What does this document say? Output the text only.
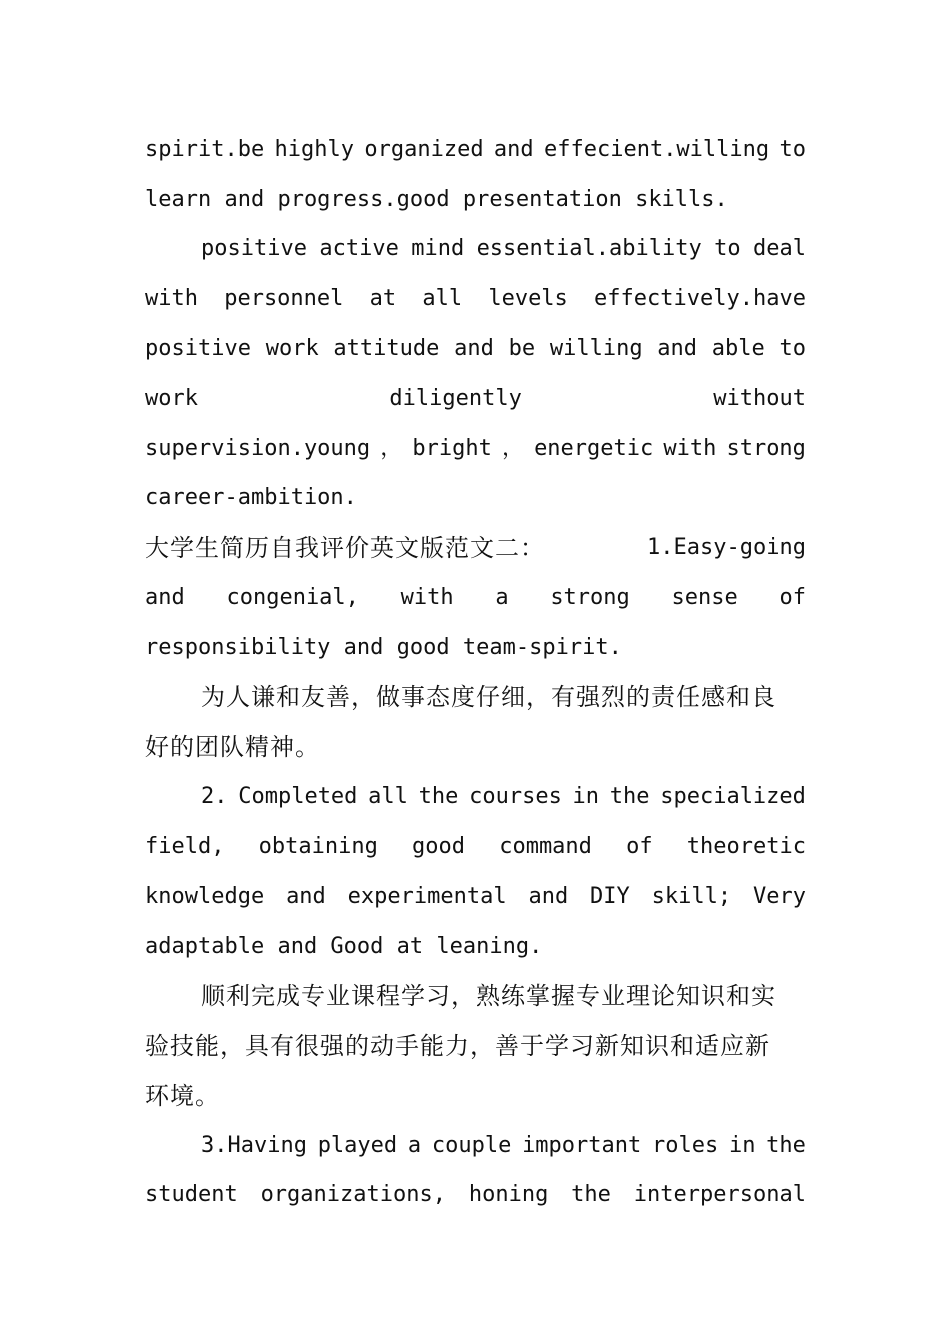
spirit.be highly organized and effecient.willing to
learn and progress.good presentation skills.
positive active mind essential.ability to deal
with personnel at all levels effectively.have
positive work attitude and be willing and able to
work	diligently	without
supervision.young ， bright ， energetic with strong
career-ambition.
大学生简历自我评价英文版范文二：	1.Easy-going
and congenial, with a strong sense of
responsibility and good team-spirit.
为人谦和友善，做事态度仔细，有强烈的责任感和良
好的团队精神。
2. Completed all the courses in the specialized
field, obtaining good command of theoretic
knowledge and experimental and DIY skill; Very
adaptable and Good at leaning.
顺利完成专业课程学习，熟练掌握专业理论知识和实
验技能，具有很强的动手能力，善于学习新知识和适应新
环境。
3.Having played a couple important roles in the
student organizations, honing the interpersonal
